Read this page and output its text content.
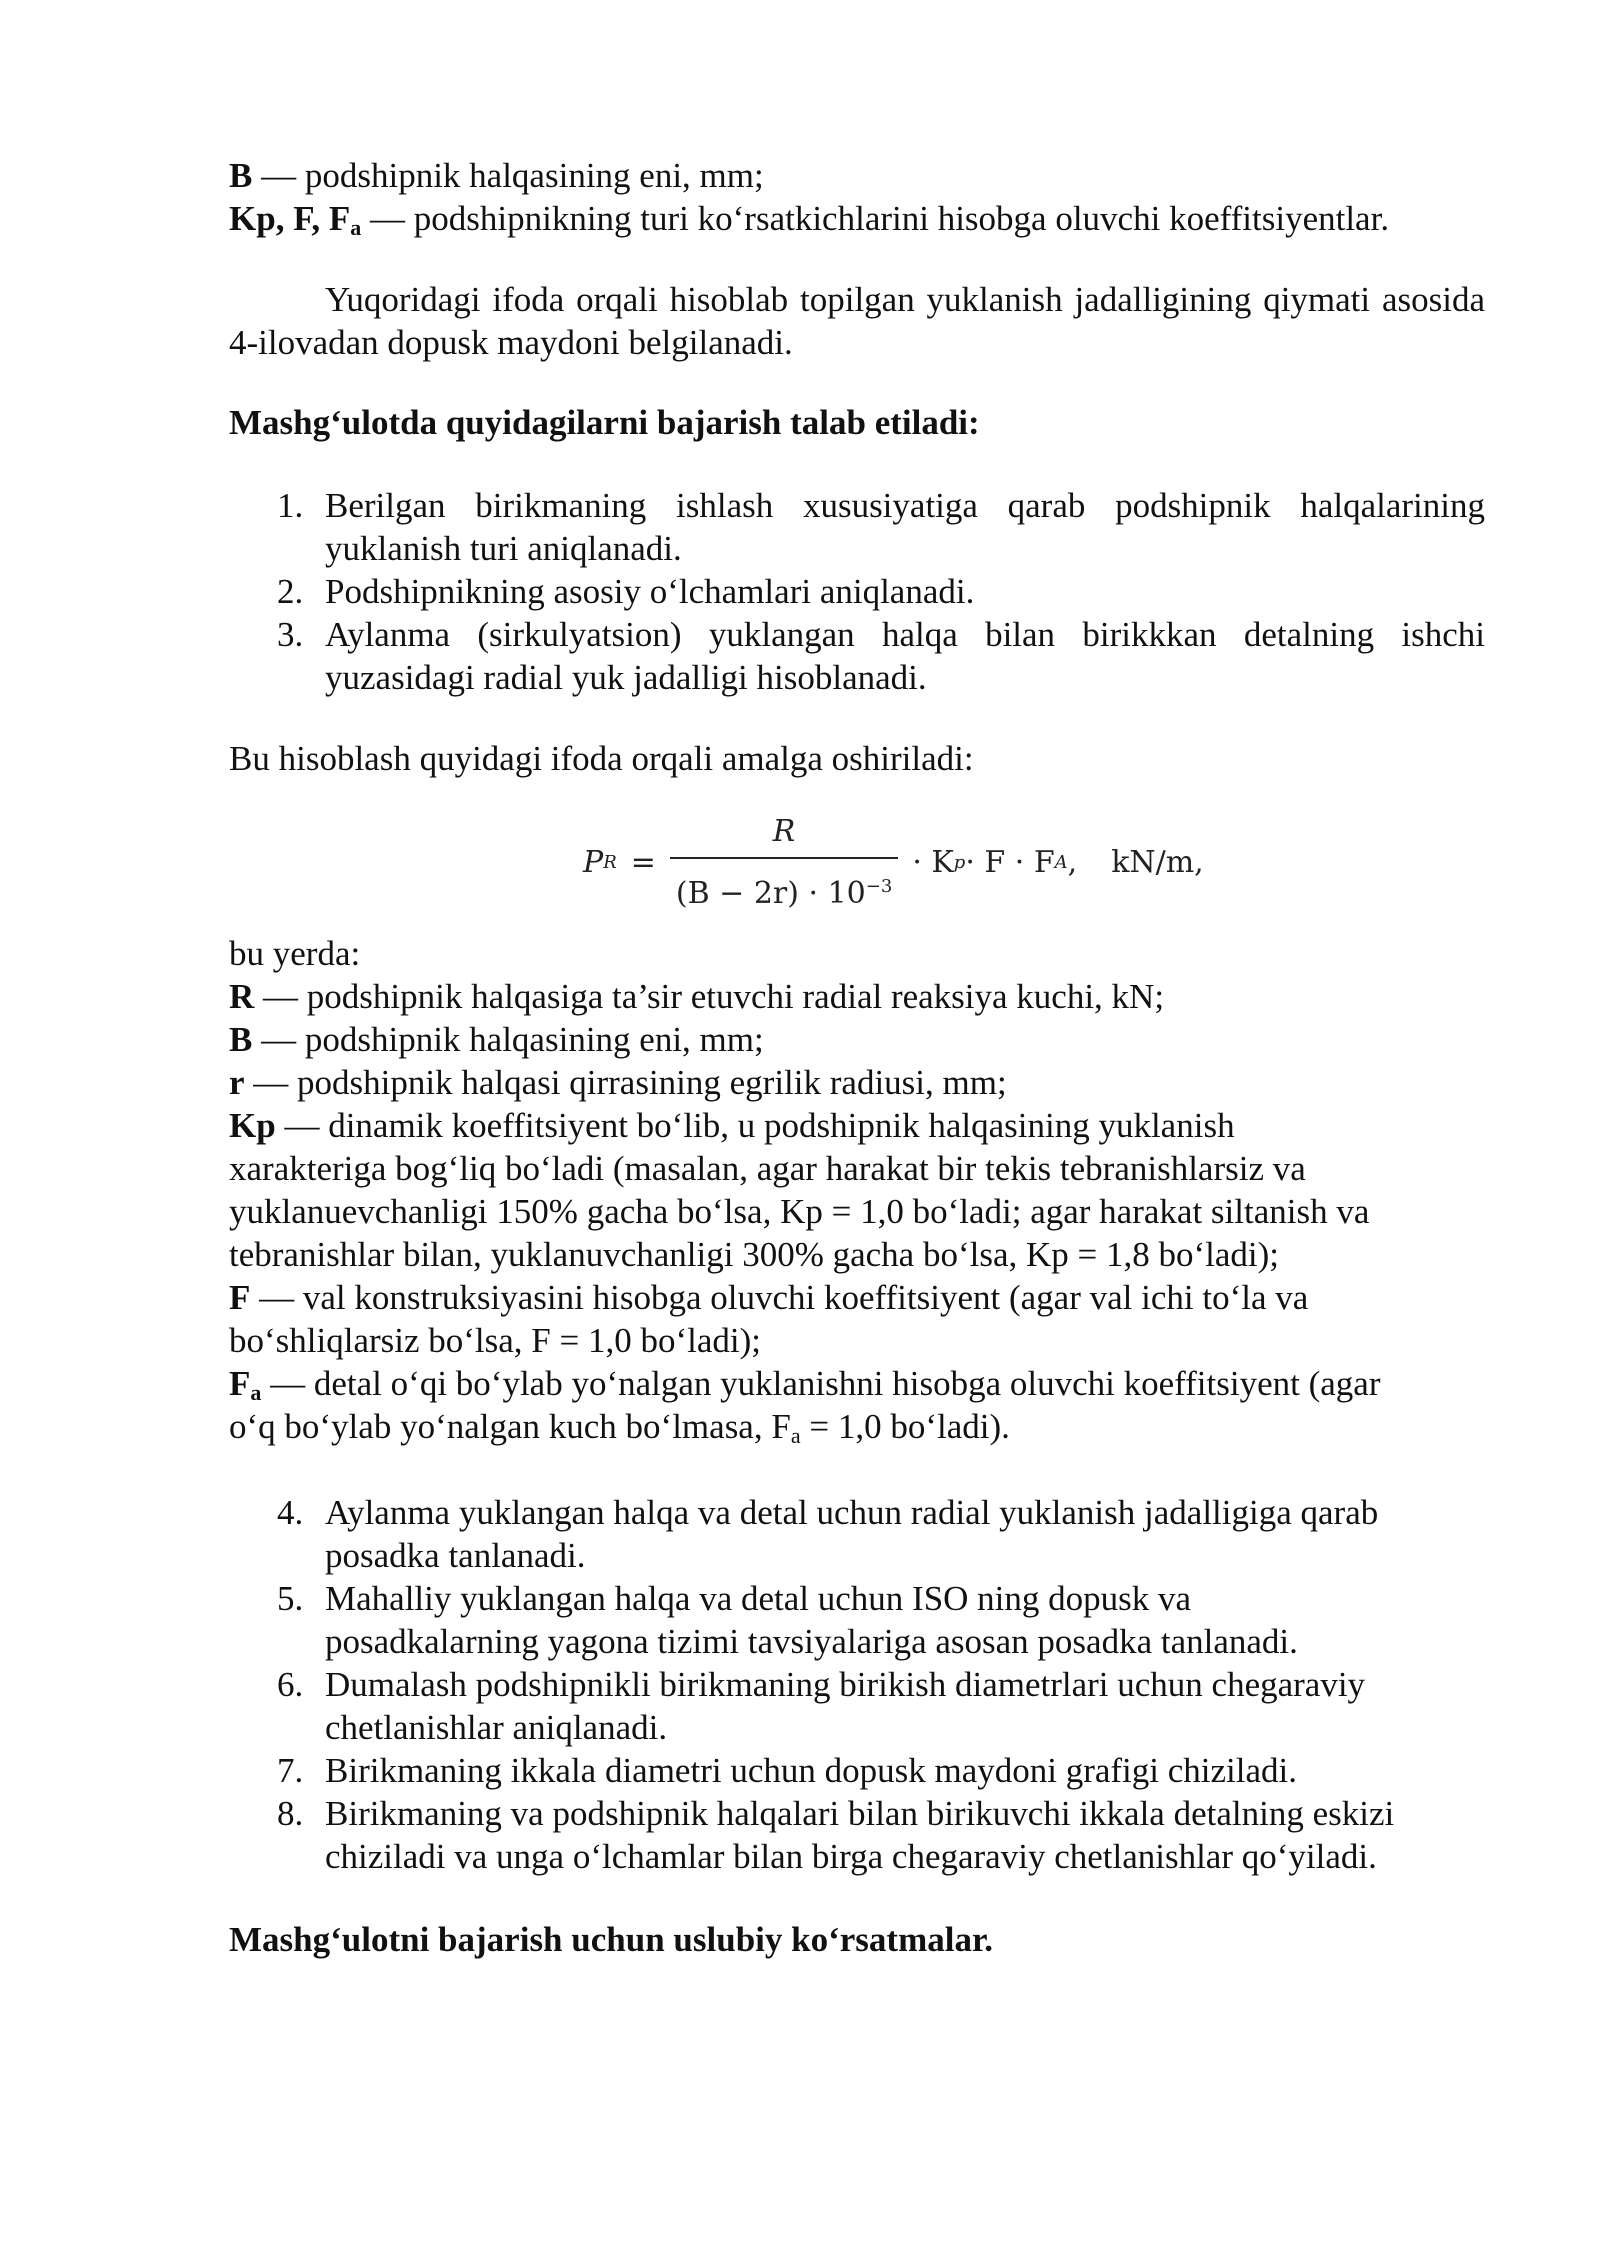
B — podshipnik halqasining eni, mm;
Kp, F, $F_a$ — podshipnikning turi ko‘rsatkichlarini hisobga oluvchi koeffitsiyentlar.
Yuqoridagi ifoda orqali hisoblab topilgan yuklanish jadalligining qiymati asosida 4-ilovadan dopusk maydoni belgilanadi.
Mashg‘ulotda quyidagilarni bajarish talab etiladi:
1. Berilgan birikmaning ishlash xususiyatiga qarab podshipnik halqalarining yuklanish turi aniqlanadi.
2. Podshipnikning asosiy o‘lchamlari aniqlanadi.
3. Aylanma (sirkulyatsion) yuklangan halqa bilan birikkkan detalning ishchi yuzasidagi radial yuk jadalligi hisoblanadi.
Bu hisoblash quyidagi ifoda orqali amalga oshiriladi:
P $R = \frac{R}{(B - 2r) \cdot 10^{-3}} \cdot K$ p · F · F A , kN/m,
bu yerda:
R — podshipnik halqasiga ta’sir etuvchi radial reaksiya kuchi, kN;
B — podshipnik halqasining eni, mm;
r — podshipnik halqasi qirrasining egrilik radiusi, mm;
Kp — dinamik koeffitsiyent bo‘lib, u podshipnik halqasining yuklanish
xarakteriga bog‘liq bo‘ladi (masalan, agar harakat bir tekis tebranishlarsiz va
yuklanuevchanligi 150% gacha bo‘lsa, Kp = 1,0 bo‘ladi; agar harakat siltanish va
tebranishlar bilan, yuklanuvchanligi 300% gacha bo‘lsa, Kp = 1,8 bo‘ladi);
F — val konstruksiyasini hisobga oluvchi koeffitsiyent (agar val ichi to‘la va
bo‘shliqlarsiz bo‘lsa, F = 1,0 bo‘ladi);
$F_a$ — detal o‘qi bo‘ylab yo‘nalgan yuklanishni hisobga oluvchi koeffitsiyent (agar
o‘q bo‘ylab yo‘nalgan kuch bo‘lmasa, $F_a = 1,0$ bo‘ladi).
4. Aylanma yuklangan halqa va detal uchun radial yuklanish jadalligiga qarab
posadka tanlanadi.
5. Mahalliy yuklangan halqa va detal uchun ISO ning dopusk va
posadkalarning yagona tizimi tavsiyalariga asosan posadka tanlanadi.
6. Dumalash podshipnikli birikmaning birikish diametrlari uchun chegaraviy
chetlanishlar aniqlanadi.
7. Birikmaning ikkala diametri uchun dopusk maydoni grafigi chiziladi.
8. Birikmaning va podshipnik halqalari bilan birikuvchi ikkala detalning eskizi
chiziladi va unga o‘lchamlar bilan birga chegaraviy chetlanishlar qo‘yiladi.
Mashg‘ulotni bajarish uchun uslubiy ko‘rsatmalar.
